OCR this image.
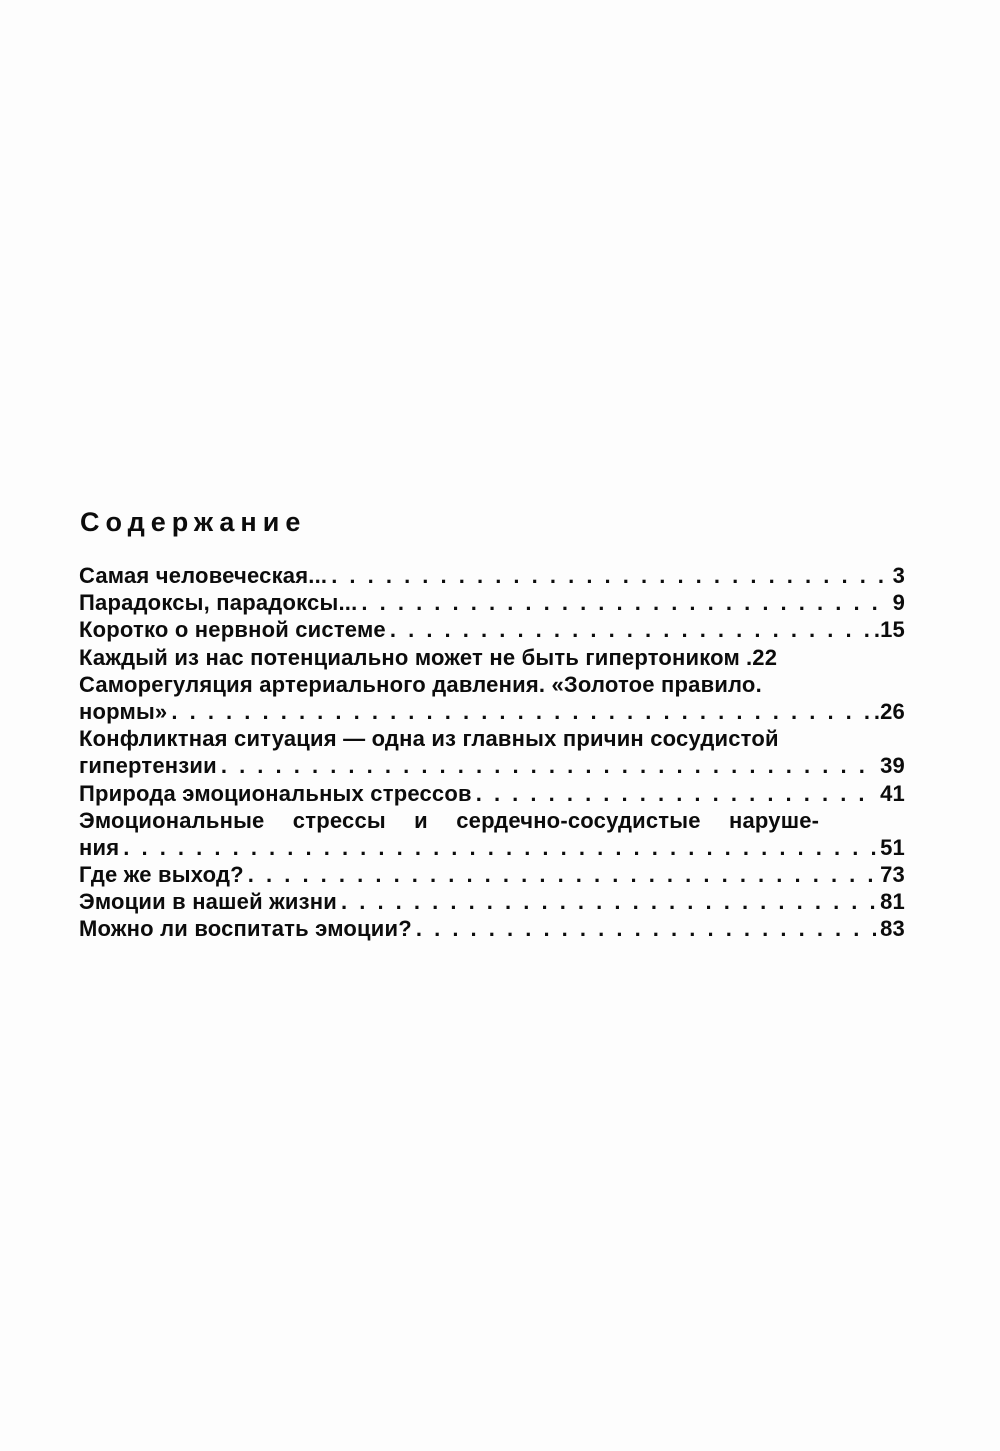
Содержание
Самая человеческая... . . .	3
Парадоксы, парадоксы... . . .	9
Коротко о нервной системе . . .	.15
Каждый из нас потенциально может не быть гипертоником .22
Саморегуляция артериального давления. «Золотое правило.
нормы» . . .	.26
Конфликтная ситуация — одна из главных причин сосудистой
гипертензии . . .	39
Природа эмоциональных стрессов . . .	41
Эмоциональные стрессы и сердечно-сосудистые наруше-
ния . . .	51
Где же выход? . . .	73
Эмоции в нашей жизни . . .	81
Можно ли воспитать эмоции? . . .	83
